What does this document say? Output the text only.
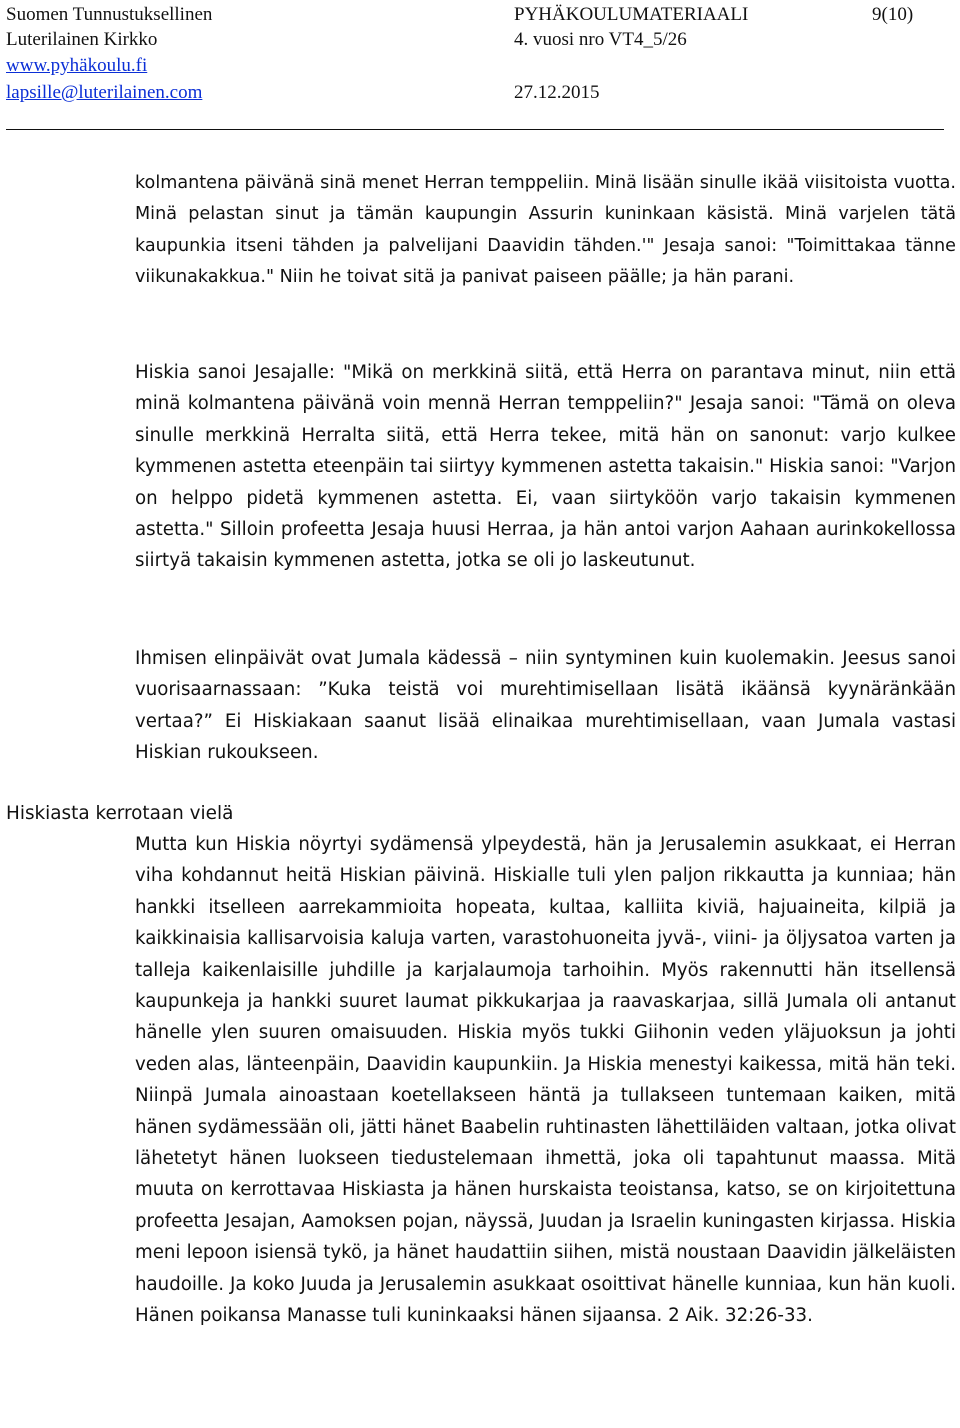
Suomen Tunnustuksellinen
Luterilainen Kirkko
www.pyhäkoulu.fi
lapsille@luterilainen.com
PYHÄKOULUMATERIAALI
4. vuosi nro VT4_5/26
27.12.2015
9(10)

kolmantena päivänä sinä menet Herran temppeliin. Minä lisään sinulle ikää viisitoista vuotta. Minä pelastan sinut ja tämän kaupungin Assurin kuninkaan käsistä. Minä varjelen tätä kaupunkia itseni tähden ja palvelijani Daavidin tähden.'" Jesaja sanoi: "Toimittakaa tänne viikunakakkua." Niin he toivat sitä ja panivat paiseen päälle; ja hän parani.

Hiskia sanoi Jesajalle: "Mikä on merkkinä siitä, että Herra on parantava minut, niin että minä kolmantena päivänä voin mennä Herran temppeliin?" Jesaja sanoi: "Tämä on oleva sinulle merkkinä Herralta siitä, että Herra tekee, mitä hän on sanonut: varjo kulkee kymmenen astetta eteenpäin tai siirtyy kymmenen astetta takaisin." Hiskia sanoi: "Varjon on helppo pidetä kymmenen astetta. Ei, vaan siirtyköön varjo takaisin kymmenen astetta." Silloin profeetta Jesaja huusi Herraa, ja hän antoi varjon Aahaan aurinkokellossa siirtyä takaisin kymmenen astetta, jotka se oli jo laskeutunut.

Ihmisen elinpäivät ovat Jumala kädessä – niin syntyminen kuin kuolemakin. Jeesus sanoi vuorisaarnassaan: ”Kuka teistä voi murehtimisellaan lisätä ikäänsä kyynäränkään vertaa?” Ei Hiskiakaan saanut lisää elinaikaa murehtimisellaan, vaan Jumala vastasi Hiskian rukoukseen.

Hiskiasta kerrotaan vielä

Mutta kun Hiskia nöyrtyi sydämensä ylpeydestä, hän ja Jerusalemin asukkaat, ei Herran viha kohdannut heitä Hiskian päivinä. Hiskialle tuli ylen paljon rikkautta ja kunniaa; hän hankki itselleen aarrekammioita hopeata, kultaa, kalliita kiviä, hajuaineita, kilpiä ja kaikkinaisia kallisarvoisia kaluja varten, varastohuoneita jyvä-, viini- ja öljysatoa varten ja talleja kaikenlaisille juhdille ja karjalaumoja tarhoihin. Myös rakennutti hän itsellensä kaupunkeja ja hankki suuret laumat pikkukarjaa ja raavaskarjaa, sillä Jumala oli antanut hänelle ylen suuren omaisuuden. Hiskia myös tukki Giihonin veden yläjuoksun ja johti veden alas, länteenpäin, Daavidin kaupunkiin. Ja Hiskia menestyi kaikessa, mitä hän teki. Niinpä Jumala ainoastaan koetellakseen häntä ja tullakseen tuntemaan kaiken, mitä hänen sydämessään oli, jätti hänet Baabelin ruhtinasten lähettiläiden valtaan, jotka olivat lähetetyt hänen luokseen tiedustelemaan ihmettä, joka oli tapahtunut maassa. Mitä muuta on kerrottavaa Hiskiasta ja hänen hurskaista teoistansa, katso, se on kirjoitettuna profeetta Jesajan, Aamoksen pojan, näyssä, Juudan ja Israelin kuningasten kirjassa. Hiskia meni lepoon isiensä tykö, ja hänet haudattiin siihen, mistä noustaan Daavidin jälkeläisten haudoille. Ja koko Juuda ja Jerusalemin asukkaat osoittivat hänelle kunniaa, kun hän kuoli. Hänen poikansa Manasse tuli kuninkaaksi hänen sijaansa. 2 Aik. 32:26-33.
